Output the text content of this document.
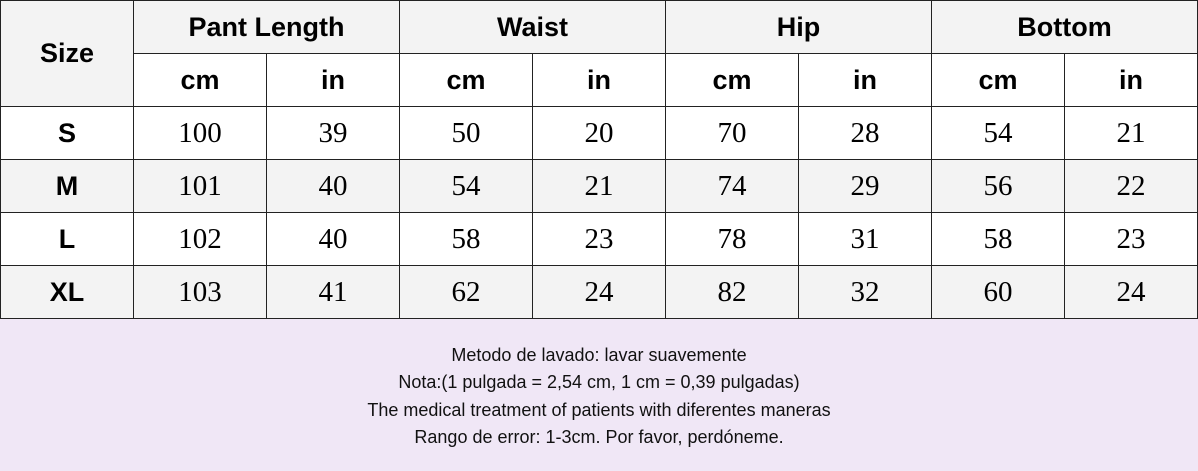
Size	Pant Length		Waist		Hip		Bottom	
	cm	in	cm	in	cm	in	cm	in
S	100	39	50	20	70	28	54	21
M	101	40	54	21	74	29	56	22
L	102	40	58	23	78	31	58	23
XL	103	41	62	24	82	32	60	24
Metodo de lavado: lavar suavemente
Nota:(1 pulgada = 2,54 cm, 1 cm = 0,39 pulgadas)
The medical treatment of patients with diferentes maneras
Rango de error: 1-3cm. Por favor, perdóneme.
